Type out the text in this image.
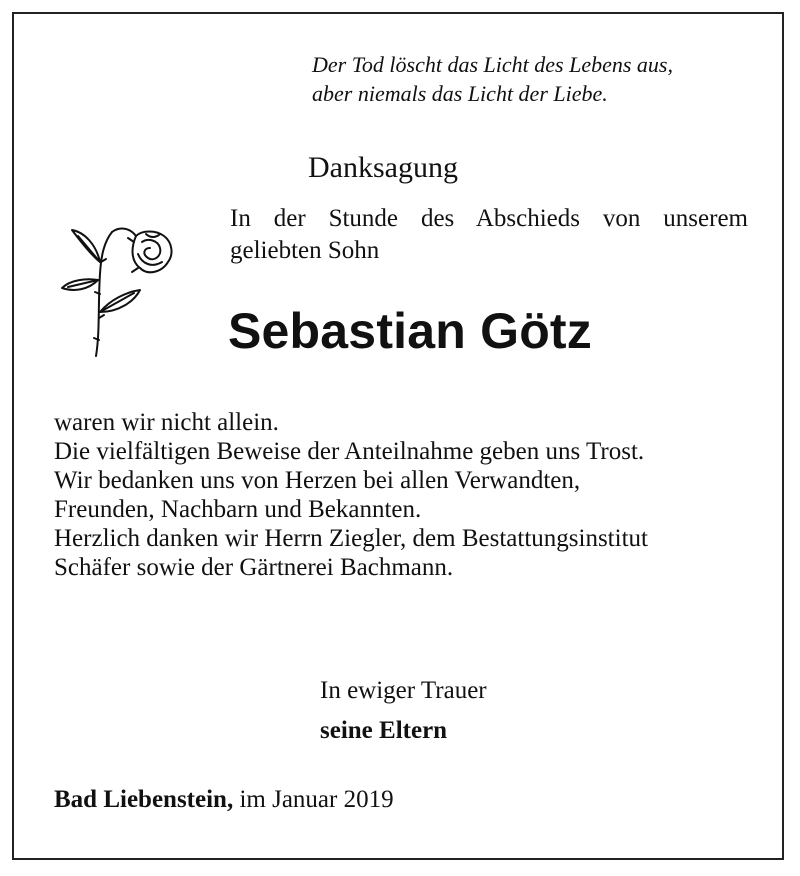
Der Tod löscht das Licht des Lebens aus,
aber niemals das Licht der Liebe.
Danksagung
In der Stunde des Abschieds von unserem
geliebten Sohn
Sebastian Götz
waren wir nicht allein.
Die vielfältigen Beweise der Anteilnahme geben uns Trost.
Wir bedanken uns von Herzen bei allen Verwandten,
Freunden, Nachbarn und Bekannten.
Herzlich danken wir Herrn Ziegler, dem Bestattungsinstitut
Schäfer sowie der Gärtnerei Bachmann.
In ewiger Trauer
seine Eltern
Bad Liebenstein, im Januar 2019
